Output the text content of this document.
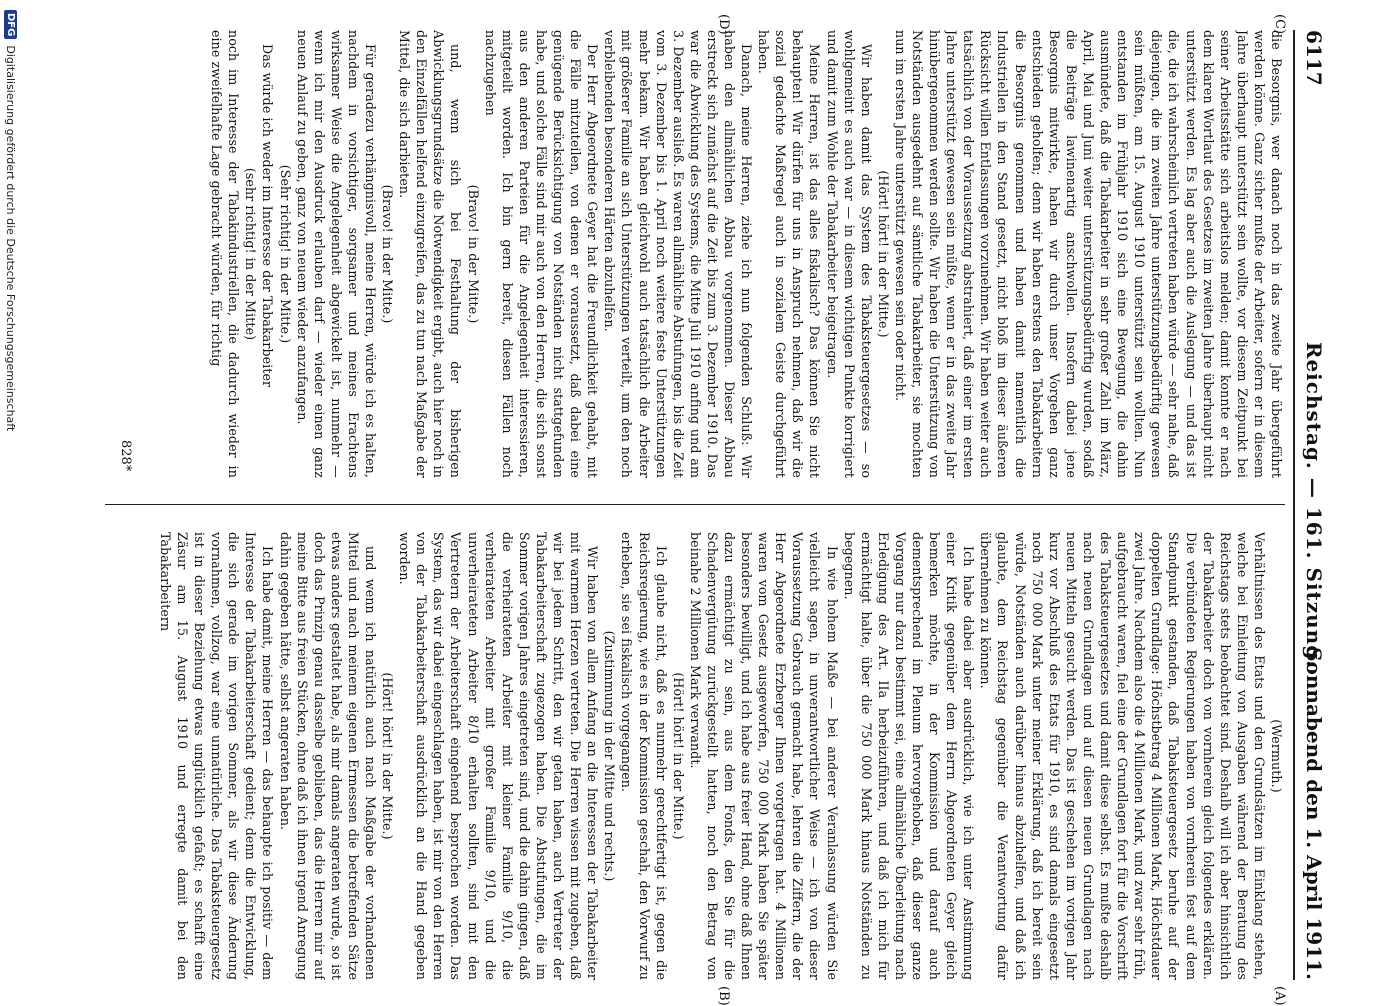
6117
Reichstag. — 161. Sitzung.
Sonnabend den 1. April 1911.
(C)
(D)
(A)
(B)

die Besorgnis, wer danach noch in das zweite Jahr übergeführt werden könne. Ganz sicher mußte der Arbeiter, sofern er in diesem Jahre überhaupt unterstützt sein wollte, vor diesem Zeitpunkt bei seiner Arbeitsstätte sich arbeitslos melden; damit konnte er nach dem klaren Wortlaut des Gesetzes im zweiten Jahre überhaupt nicht unterstützt werden. Es lag aber auch die Auslegung — und das ist die, die ich wahrscheinlich vertreten haben würde — sehr nahe, daß diejenigen, die im zweiten Jahre unterstützungsbedürftig gewesen sein müßten, am 15. August 1910 unterstützt sein wollten. Nun entstanden im Frühjahr 1910 sich eine Bewegung, die dahin ausmündete, daß die Tabakarbeiter in sehr großer Zahl im März, April, Mai und Juni weiter unterstützungsbedürftig wurden, sodaß die Beiträge lawinenartig anschwollen. Insofern dabei jene Besorgnis mitwirkte, haben wir durch unser Vorgehen ganz entschieden geholfen; denn wir haben erstens den Tabakarbeitern die Besorgnis genommen und haben damit namentlich die Industriellen in den Stand gesetzt, nicht bloß im dieser äußeren Rücksicht willen Entlassungen vorzunehmen. Wir haben weiter auch tatsächlich von der Voraussetzung abstrahiert, daß einer im ersten Jahre unterstützt gewesen sein müßte, wenn er in das zweite Jahr hinübergenommen werden sollte. Wir haben die Unterstützung von Notständen ausgedehnt auf sämtliche Tabakarbeiter, sie mochten nun im ersten Jahre unterstützt gewesen sein oder nicht.

(Hört! hört! in der Mitte.)

Wir haben damit das System des Tabaksteuergesetzes — so wohlgemeint es auch war — in diesem wichtigen Punkte korrigiert und damit zum Wohle der Tabakarbeiter beigetragen.

Meine Herren, ist das alles fiskalisch? Das können Sie nicht behaupten! Wir dürfen für uns in Anspruch nehmen, daß wir die sozial gedachte Maßregel auch in sozialem Geiste durchgeführt haben.

Danach, meine Herren, ziehe ich nun folgenden Schluß: Wir haben den allmählichen Abbau vorgenommen. Dieser Abbau erstreckt sich zunächst auf die Zeit bis zum 3. Dezember 1910. Das war die Abwicklung des Systems, die Mitte Juli 1910 anfing und am 3. Dezember ausließ. Es waren allmähliche Abstufungen, bis die Zeit vom 3. Dezember bis 1. April noch weitere feste Unterstützungen mehr bekam. Wir haben gleichwohl auch tatsächlich die Arbeiter mit größerer Familie an sich Unterstützungen verteilt, um den noch verbleibenden besonderen Härten abzuhelfen.

Der Herr Abgeordnete Geyer hat die Freundlichkeit gehabt, mit die Fälle mitzuteilen, von denen er voraussetzt, daß dabei eine genügende Berücksichtigung von Notständen nicht stattgefunden habe, und solche Fälle sind mir auch von den Herren, die sich sonst aus den anderen Parteien für die Angelegenheit interessieren, mitgeteilt worden. Ich bin gern bereit, diesen Fällen noch nachzugehen

(Bravo! in der Mitte.)

und, wenn sich bei Festhaltung der bisherigen Abwicklungsgrundsätze die Notwendigkeit ergibt, auch hier noch in den Einzelfällen helfend einzugreifen, das zu tun nach Maßgabe der Mittel, die sich darbieten.

(Bravo! in der Mitte.)

Für geradezu verhängnisvoll, meine Herren, würde ich es halten, nachdem in vorsichtiger, sorgsamer und meines Erachtens wirksamer Weise die Angelegenheit abgewickelt ist, nunmehr — wenn ich mir den Ausdruck erlauben darf — wieder einen ganz neuen Anlauf zu geben, ganz von neuem wieder anzufangen.

(Sehr richtig! in der Mitte.)

Das würde ich weder im Interesse der Tabakarbeiter

(sehr richtig! in der Mitte)

noch im Interesse der Tabakindustriellen, die dadurch wieder in eine zweifelhafte Lage gebracht würden, für richtig

(Wermuth.)

Verhältnissen des Etats und den Grundsätzen im Einklang stehen, welche bei Einleitung von Ausgaben während der Beratung des Reichstags stets beobachtet sind. Deshalb will ich aber hinsichtlich der Tabakarbeiter doch von vornherein gleich folgendes erklären. Die verbündeten Regierungen haben von vornherein fest auf dem Standpunkt gestanden, daß Tabaksteuergesetz beruhe auf der doppelten Grundlage: Höchstbetrag 4 Millionen Mark, Höchstdauer zwei Jahre. Nachdem also die 4 Millionen Mark, und zwar sehr früh, aufgebraucht waren, fiel eine der Grundlagen fort für die Vorschrift des Tabaksteuergesetzes und damit diese selbst. Es mußte deshalb nach neuen Grundlagen und auf diesen neuen Grundlagen nach neuen Mitteln gesucht werden. Das ist geschehen im vorigen Jahr kurz vor Abschluß des Etats für 1910, es sind damals eingesetzt noch 750 000 Mark unter meiner Erklärung, daß ich bereit sein würde, Notständen auch darüber hinaus abzuhelfen, und daß ich glaubte, dem Reichstag gegenüber die Verantwortung dafür übernehmen zu können.

Ich habe dabei aber ausdrücklich, wie ich unter Anstimmung einer Kritik gegenüber dem Herrn Abgeordneten Geyer gleich bemerken möchte, in der Kommission und darauf auch dementsprechend im Plenum hervorgehoben, daß dieser ganze Vorgang nur dazu bestimmt sei, eine allmähliche Überleitung nach Erledigung des Art. IIa herbeizuführen, und daß ich mich für ermächtigt halte, über die 750 000 Mark hinaus Notständen zu begegnen.

In wie hohem Maße — bei anderer Veranlassung würden Sie vielleicht sagen, in unverantwortlicher Weise — ich von dieser Voraussetzung Gebrauch gemacht habe, lehren die Ziffern, die der Herr Abgeordnete Erzberger Ihnen vorgetragen hat. 4 Millionen waren vom Gesetz ausgeworfen, 750 000 Mark haben Sie später besonders bewilligt, und ich habe aus freier Hand, ohne daß Ihnen dazu ermächtigt zu sein, aus dem Fonds, den Sie für die Schadenvergütung zurückgestellt hatten, noch den Betrag von beinahe 2 Millionen Mark verwandt.

(Hört! hört! in der Mitte.)

Ich glaube nicht, daß es nunmehr gerechtfertigt ist, gegen die Reichsregierung, wie es in der Kommission geschah, den Vorwurf zu erheben, sie sei fiskalisch vorgegangen.

(Zustimmung in der Mitte und rechts.)

Wir haben von allem Anfang an die Interessen der Tabakarbeiter mit warmem Herzen vertreten. Die Herren wissen mit zugeben, daß wir bei jedem Schritt, den wir getan haben, auch Vertreter der Tabakarbeiterschaft zugezogen haben. Die Abstufungen, die im Sommer vorigen Jahres eingetreten sind, und die dahin gingen, daß die verheirateten Arbeiter mit kleiner Familie 9/10, die verheirateten Arbeiter mit großer Familie 9/10, und die unverheirateten Arbeiter 8/10 erhalten sollten, sind mit den Vertretern der Arbeiterschaft eingehend besprochen worden. Das System, das wir dabei eingeschlagen haben, ist mir von den Herren von der Tabakarbeiterschaft ausdrücklich an die Hand gegeben worden.

(Hört! hört! in der Mitte.)

und wenn ich natürlich auch nach Maßgabe der vorhandenen Mittel und nach meinem eigenen Ermessen die betreffenden Sätze etwas anders gestaltet habe, als mir damals angeraten wurde, so ist doch das Prinzip genau dasselbe geblieben, das die Herren mir auf meine Bitte aus freien Stücken, ohne daß ich ihnen irgend Anregung dahin gegeben hätte, selbst angeraten haben.

Ich habe damit, meine Herren — das behaupte ich positiv — dem Interesse der Tabakarbeiterschaft gedient; denn die Entwicklung, die sich gerade im vorigen Sommer, als wir diese Änderung vornahmen, vollzog, war eine unnatürliche. Das Tabaksteuergesetz ist in dieser Beziehung etwas unglücklich gefaßt; es schafft eine Zäsur am 15. August 1910 und erregte damit bei den Tabakarbeitern

828*
DFG
Digitalisierung gefördert durch die Deutsche Forschungsgemeinschaft
